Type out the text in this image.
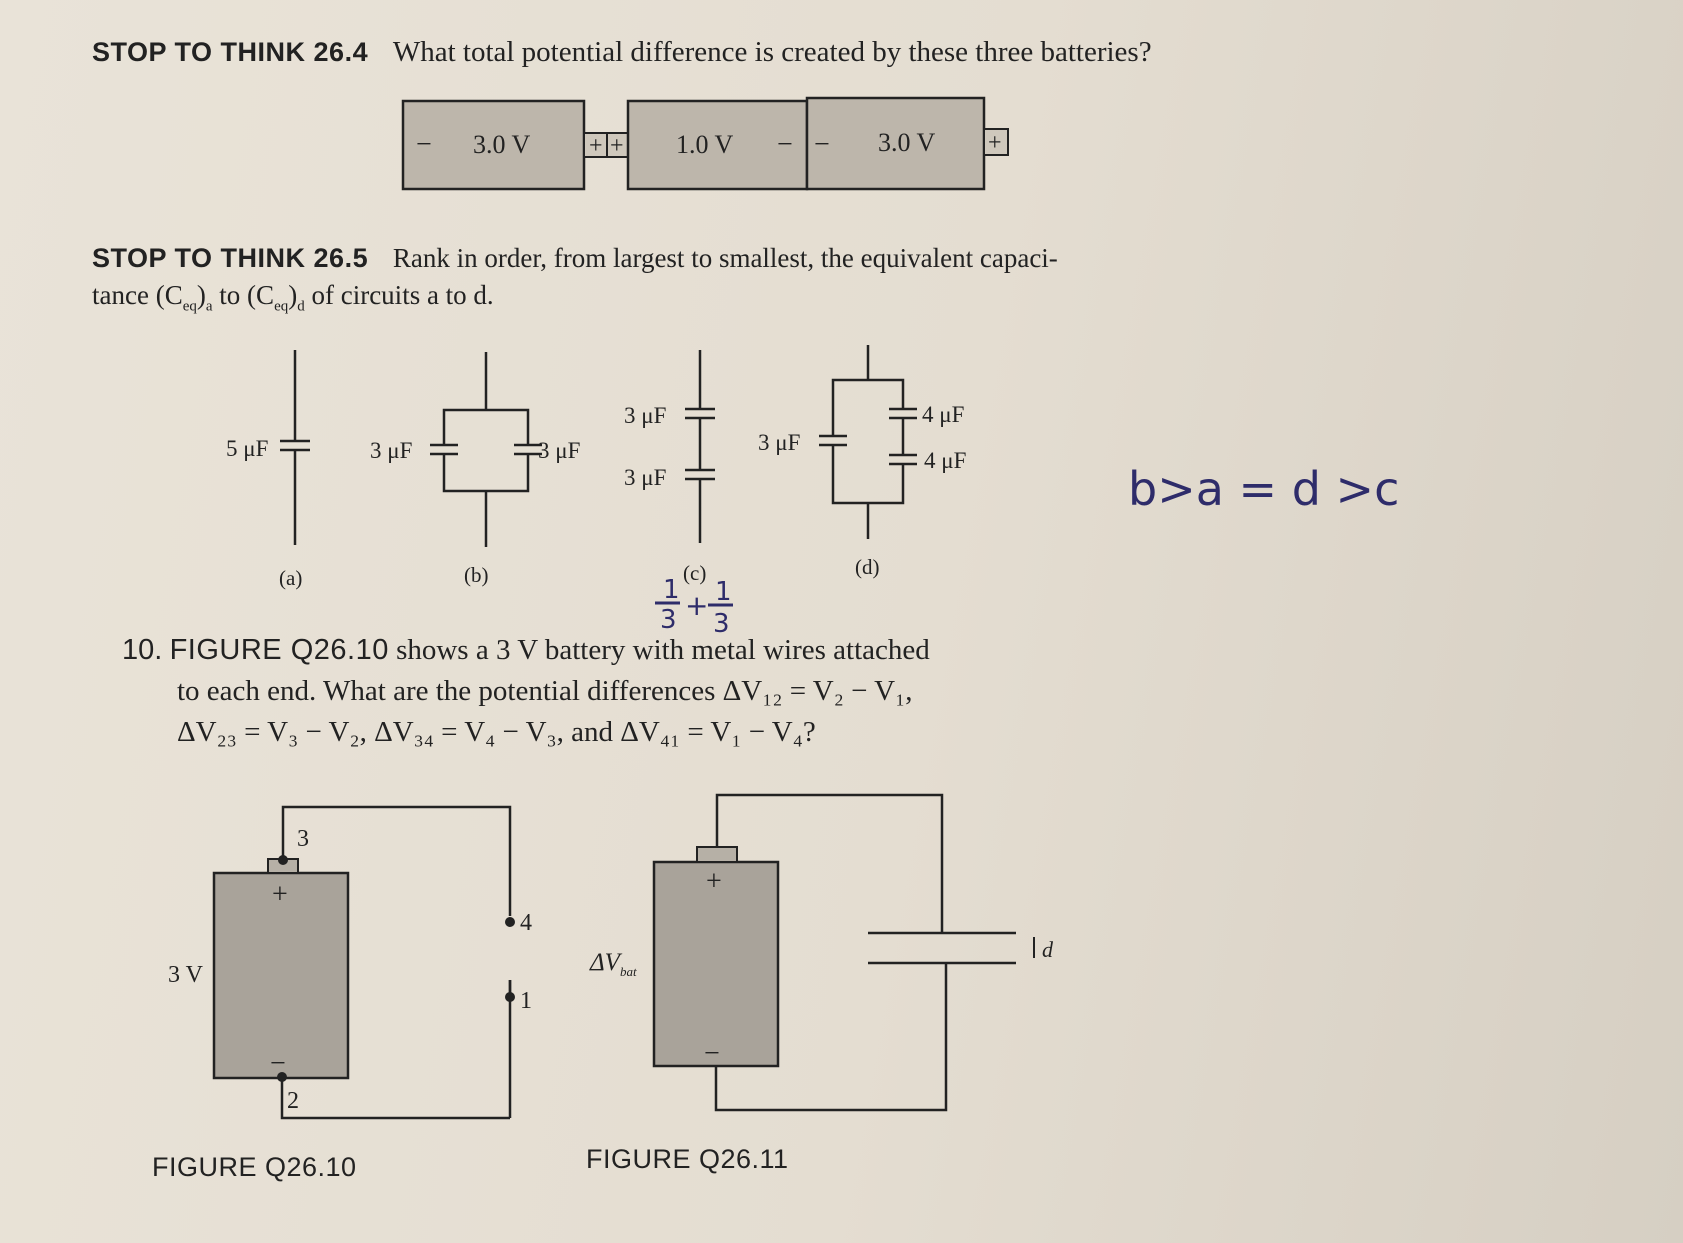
STOP TO THINK 26.4 What total potential difference is created by these three batteries?
− 3.0 V + + 1.0 V − − 3.0 V +
5 μF
(a)
3 μF	3 μF
(b)
3 μF
3 μF
(c)
3 μF
4 μF
4 μF
(d)
1
3 + 1
3
+
−
3
2
4
1
3 V
+
−
$\Delta V_{bat}$
d
STOP TO THINK 26.5 Rank in order, from largest to smallest, the equivalent capaci-
tance $(C_{eq})_a$ to $(C_{eq})_d$ of circuits a to d.
b>a = d >c
10. FIGURE Q26.10 shows a 3 V battery with metal wires attached
to each end. What are the potential differences ΔV₁₂ = V₂ − V₁,
ΔV₂₃ = V₃ − V₂, ΔV₃₄ = V₄ − V₃, and ΔV₄₁ = V₁ − V₄?
FIGURE Q26.10	FIGURE Q26.11
